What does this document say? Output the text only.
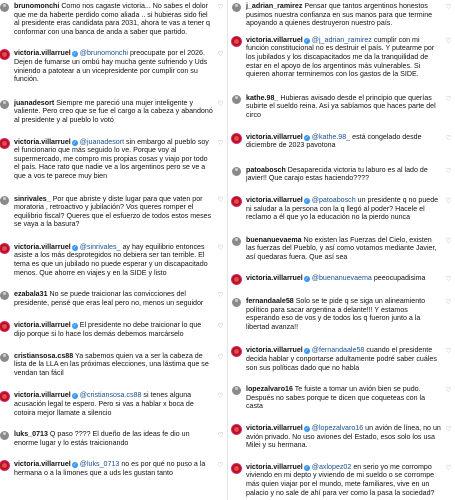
brunomonchi Como nos cagaste victoria... No sabes el dolor que me da haberte perdido como aliada .. si hubieras sido fiel al presidente eras candidata para 2031, ahora te vas a tener q conformar con una banca de anda a saber que partido.
♡
victoria.villarruel ✓ @brunomonchi preocupate por el 2026. Dejen de fumarse un ombú hay mucha gente sufriendo y Uds viniendo a patotear a un vicepresidente por cumplir con su función.
♡
juanadesort Siempre me pareció una mujer inteligente y valiente. Pero creo que se fue el cargo a la cabeza y abandonó al presidente y al pueblo lo votó
♡
victoria.villarruel ✓ @juanadesort sin embargo al pueblo soy el funcionario que más seguido lo ve. Porque voy al supermercado, me compro mis propias cosas y viajo por todo el país. Hace rato que nadie ve a los argentinos pero se ve a que a vos te parece muy bien
♡
sinrivales_ Por que abriste y diste lugar para que vaten por moratoria , retroactivo y jubilación? Vos queres romper el equilibrio fiscal? Queres que el esfuerzo de todos estos meses se vaya a la basura?
♡
victoria.villarruel ✓ @sinrivales_ ay hay equilibrio entonces asiste a los más desprotegidos no debiera ser tan terrible. El tema es que un jubilado no puede esperar y un discapacitado menos. Que ahorre en viajes y en la SIDE y listo
♡
ezabala31 No se puede traicionar las convicciones del presidente, pensé que eras leal pero no, menos un seguidor
♡
victoria.villarruel ✓ El presidente no debe traicionar lo que dijo porque si lo hace los demás debemos marcárselo
♡
cristiansosa.cs88 Ya sabemos quien va a ser la cabeza de lista de la LLA en las próximas elecciones, una lástima que se vendan tan fácil
♡
victoria.villarruel ✓ @cristiansosa.cs88 si tenes alguna acusación legal te espero. Pero si vas a hablar x boca de cotoira mejor llamate a silencio
♡
luks_0713 Q paso ???? El dueño de las ideas fe dio un enorme lugar y lo estás traicionando
♡
victoria.villarruel ✓ @luks_0713 no es por qué no puso a la hermana o a la limones que a uds les gustan tanto
♡
j_adrian_ramirez Pensar que tantos argentinos honestos pusimos nuestra confianza en sus manos para que termine apoyando a quienes destruyeron nuestro país.
♡
victoria.villarruel ✓ @j_adrian_ramirez cumplir con mi función constitucional no es destruir el país. Y putearme por los jubilados y los discapacitados me da la tranquilidad de estar en el apoyo de los argentinos más vulnerables. Si quieren ahorrar terminemos con los gastos de la SIDE.
♡
kathe.98_ Hubieras avisado desde el principio que querías subirte el sueldo reina. Así ya sabíamos que haces parte del circo
♡
victoria.villarruel ✓ @kathe.98_ está congelado desde diciembre de 2023 pavotona
♡
patoabosch Desaparecida victoria tu laburo es al lado de javier!! Que carajo estas haciendo????
♡
victoria.villarruel ✓ @patoabosch un presidente q no puede ni saludar a la persona con la q llegó al poder? Hacele el reclamo a él que yo la educación no la pierdo nunca
♡
buenanuevaema No existen las Fuerzas del Cielo, existen las fuerzas del Pueblo, y así como votamos mediante Javier, así quedaras fuera. Que así sea
♡
victoria.villarruel ✓ @buenanuevaema peeocupadisima	♡
fernandaale58 Solo se te pide q se siga un alineamiento político para sacar argentina a delante!!! Y estamos esperando eso de vos y de todos los q fueron junto a la libertad avanza!!
♡
victoria.villarruel ✓ @fernandaale58 cuando el presidente decida hablar y conportarse adultamente podré saber cuáles son sus políticas dado que no habla
♡
lopezalvaro16 Te fuiste a tomar un avión bien se pudo. Después no sabes porque te dicen que coqueteas con la casta
♡
victoria.villarruel ✓ @lopezalvaro16 un avión de línea, no un avión privado. No uso aviones del Estado, esos solo los usa Milei y su hermana.
♡
victoria.villarruel ✓ @axlopez02 en serio yo me corrompo viviendo en mi depto y viviendo de mi sueldo o se corrompe más quien viajar por el mundo, mete familiares, vive en un palacio y no sale de ahí para ver como la pasa la sociedad?
♡
